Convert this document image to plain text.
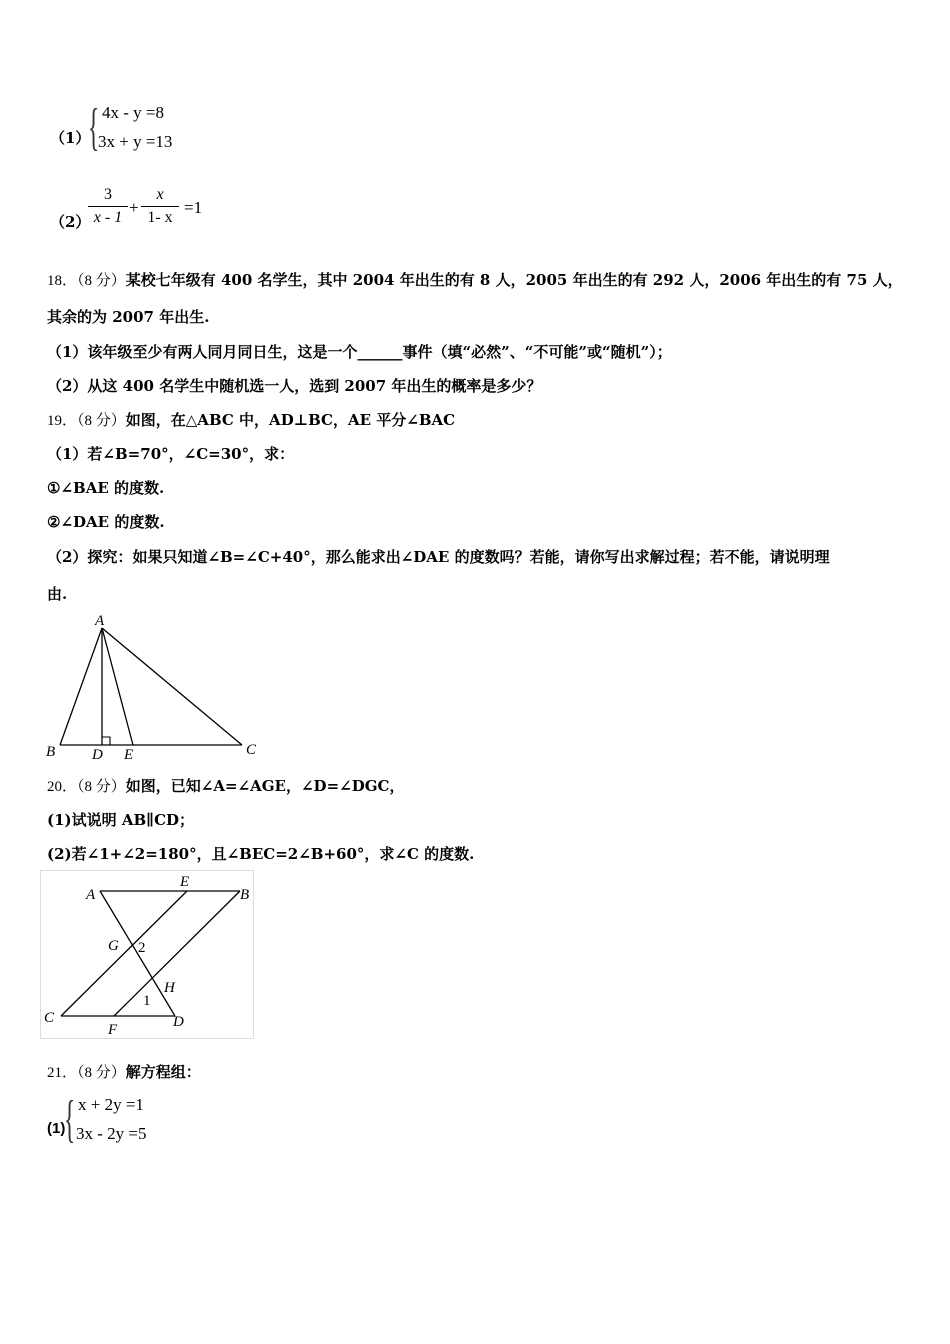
（1）
{ 4x - y =8
3x + y =13
（2）
3
x - 1
+
x
1- x
=1
18．（8 分）某校七年级有 400 名学生，其中 2004 年出生的有 8 人，2005 年出生的有 292 人，2006 年出生的有 75 人，
其余的为 2007 年出生.
（1）该年级至少有两人同月同日生，这是一个______事件（填“必然”、“不可能”或“随机”）；
（2）从这 400 名学生中随机选一人，选到 2007 年出生的概率是多少？
19．（8 分）如图，在△ABC 中，AD⊥BC，AE 平分∠BAC
（1）若∠B=70°，∠C=30°，求：
①∠BAE 的度数.
②∠DAE 的度数.
（2）探究：如果只知道∠B=∠C+40°，那么能求出∠DAE 的度数吗？若能，请你写出求解过程；若不能，请说明理
由.
A
B D E	C
20．（8 分）如图，已知∠A=∠AGE，∠D=∠DGC，
(1)试说明 AB∥CD；
(2)若∠1+∠2=180°，且∠BEC=2∠B+60°，求∠C 的度数.
A
E
B
G 2
H
1
C
F	D
21．（8 分）解方程组：
(1)
{ x + 2y =1
3x - 2y =5
